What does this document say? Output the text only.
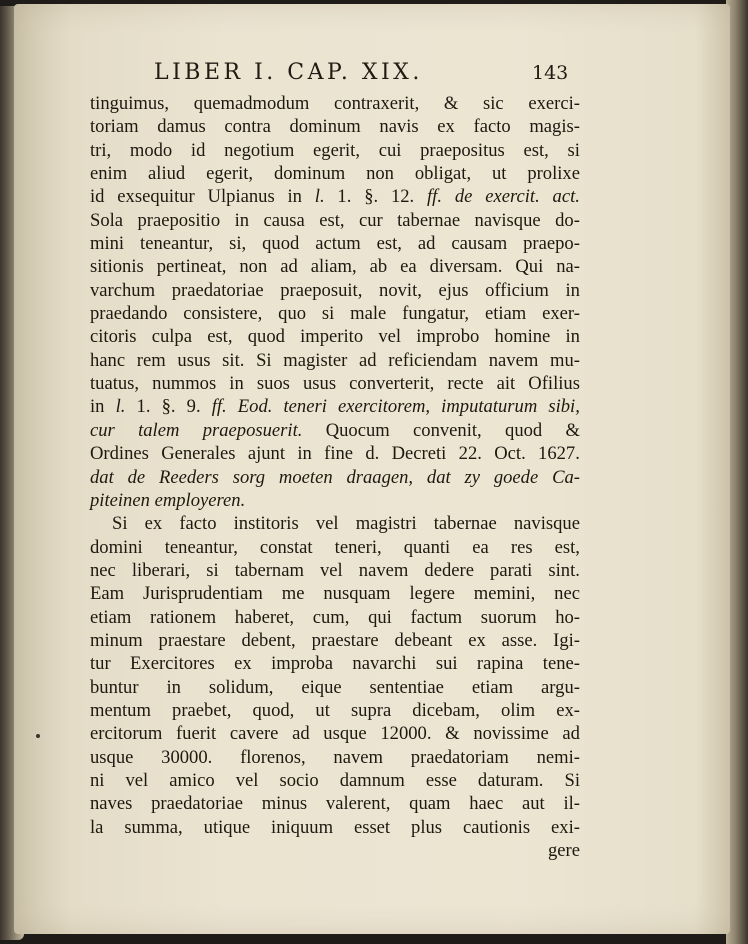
LIBER I. CAP. XIX.	143
tinguimus, quemadmodum contraxerit, & sic exerci-
toriam damus contra dominum navis ex facto magis-
tri, modo id negotium egerit, cui praepositus est, si
enim aliud egerit, dominum non obligat, ut prolixe
id exsequitur Ulpianus in l. 1. §. 12. ff. de exercit. act.
Sola praepositio in causa est, cur tabernae navisque do-
mini teneantur, si, quod actum est, ad causam praepo-
sitionis pertineat, non ad aliam, ab ea diversam. Qui na-
varchum praedatoriae praeposuit, novit, ejus officium in
praedando consistere, quo si male fungatur, etiam exer-
citoris culpa est, quod imperito vel improbo homine in
hanc rem usus sit. Si magister ad reficiendam navem mu-
tuatus, nummos in suos usus converterit, recte ait Ofilius
in l. 1. §. 9. ff. Eod. teneri exercitorem, imputaturum sibi,
cur talem praeposuerit. Quocum convenit, quod &
Ordines Generales ajunt in fine d. Decreti 22. Oct. 1627.
dat de Reeders sorg moeten draagen, dat zy goede Ca-
piteinen employeren.
Si ex facto institoris vel magistri tabernae navisque
domini teneantur, constat teneri, quanti ea res est,
nec liberari, si tabernam vel navem dedere parati sint.
Eam Jurisprudentiam me nusquam legere memini, nec
etiam rationem haberet, cum, qui factum suorum ho-
minum praestare debent, praestare debeant ex asse. Igi-
tur Exercitores ex improba navarchi sui rapina tene-
buntur in solidum, eique sententiae etiam argu-
mentum praebet, quod, ut supra dicebam, olim ex-
ercitorum fuerit cavere ad usque 12000. & novissime ad
usque 30000. florenos, navem praedatoriam nemi-
ni vel amico vel socio damnum esse daturam. Si
naves praedatoriae minus valerent, quam haec aut il-
la summa, utique iniquum esset plus cautionis exi-
gere
